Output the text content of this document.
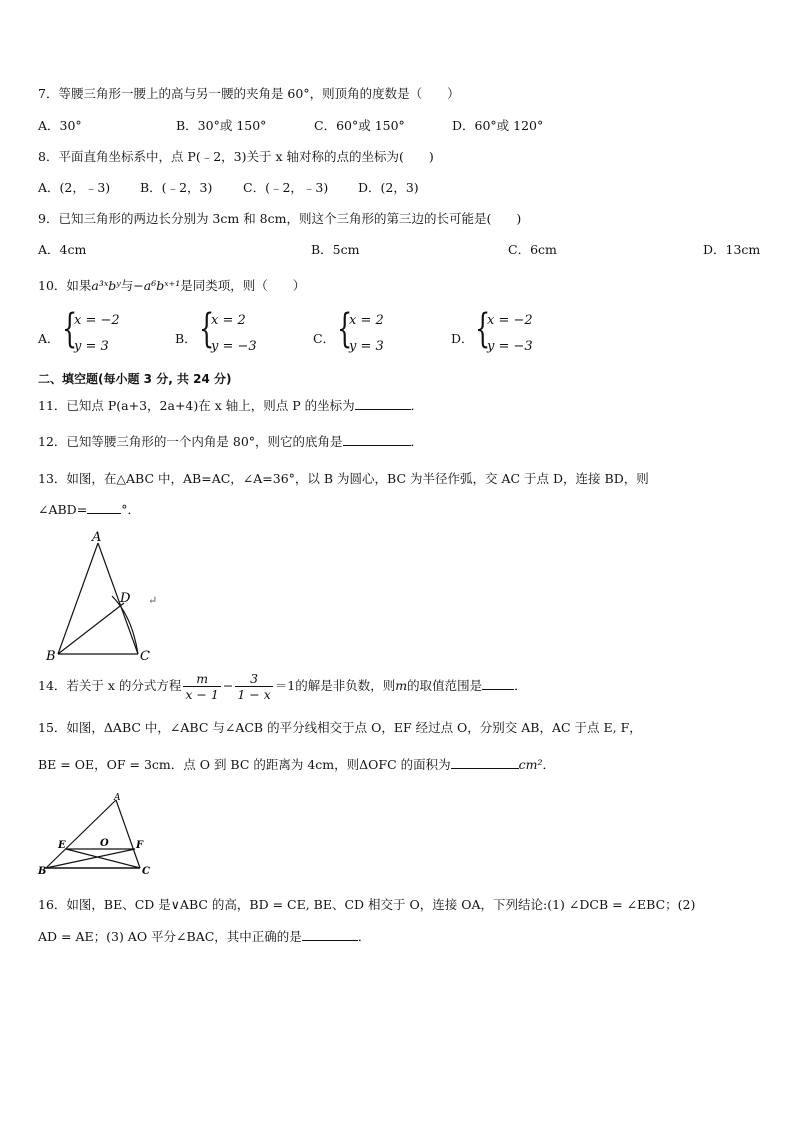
7．等腰三角形一腰上的高与另一腰的夹角是 60°，则顶角的度数是（　　）
A．30°	B．30°或 150°	C．60°或 150°	D．60°或 120°
8．平面直角坐标系中，点 P(﹣2，3)关于 x 轴对称的点的坐标为(　　)
A．(2，﹣3) B．(﹣2，3) C．(﹣2，﹣3) D．(2，3)
9．已知三角形的两边长分别为 3cm 和 8cm，则这个三角形的第三边的长可能是(　　)
A．4cm	B．5cm	C．6cm	D．13cm
10．如果a³ˣbʸ与−a⁶bˣ⁺¹是同类项，则（　　）
A． {
x = −2
y = 3
B． {
x = 2
y = −3
C． {
x = 2
y = 3
D． {
x = −2
y = −3
二、填空题(每小题 3 分, 共 24 分)
11．已知点 P(a+3，2a+4)在 x 轴上，则点 P 的坐标为	．
12．已知等腰三角形的一个内角是 80°，则它的底角是	．
13．如图，在△ABC 中，AB=AC，∠A=36°，以 B 为圆心，BC 为半径作弧，交 AC 于点 D，连接 BD，则
∠ABD=	°．
A
B	C
D ↵
14．若关于 x 的分式方程 $\frac{m}{x - 1} - \frac{3}{1 - x} =1$的解是非负数，则m的取值范围是	．
15．如图，ΔABC 中，∠ABC 与∠ACB 的平分线相交于点 O，EF 经过点 O，分别交 AB，AC 于点 E, F，
BE = OE，OF = 3cm．点 O 到 BC 的距离为 4cm，则ΔOFC 的面积为	cm²．
A
B	C
E	F
O
16．如图，BE、CD 是∨ABC 的高，BD = CE, BE、CD 相交于 O，连接 OA，下列结论:(1) ∠DCB = ∠EBC；(2)
AD = AE；(3) AO 平分∠BAC，其中正确的是	．
